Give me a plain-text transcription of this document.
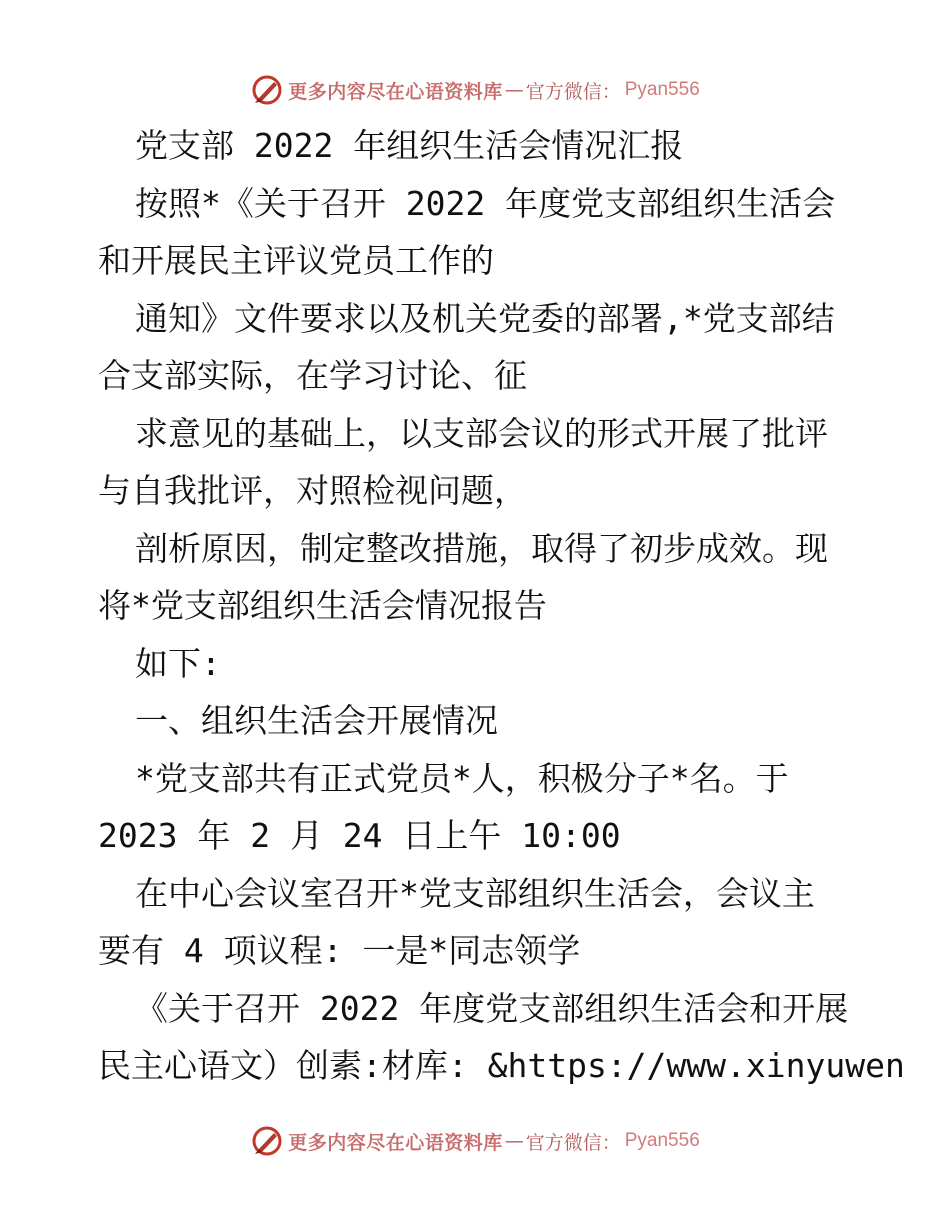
更多内容尽在心语资料库 — 官方微信： Pyan556
党支部 2022 年组织生活会情况汇报
按照*《关于召开 2022 年度党支部组织生活会
和开展民主评议党员工作的
通知》文件要求以及机关党委的部署,*党支部结
合支部实际，在学习讨论、征
求意见的基础上，以支部会议的形式开展了批评
与自我批评，对照检视问题，
剖析原因，制定整改措施，取得了初步成效。现
将*党支部组织生活会情况报告
如下:
一、组织生活会开展情况
*党支部共有正式党员*人，积极分子*名。于
2023 年 2 月 24 日上午 10:00
在中心会议室召开*党支部组织生活会，会议主
要有 4 项议程: 一是*同志领学
《关于召开 2022 年度党支部组织生活会和开展
民主心语文）创素:材库: &https://www.xinyuwen
更多内容尽在心语资料库 — 官方微信： Pyan556
